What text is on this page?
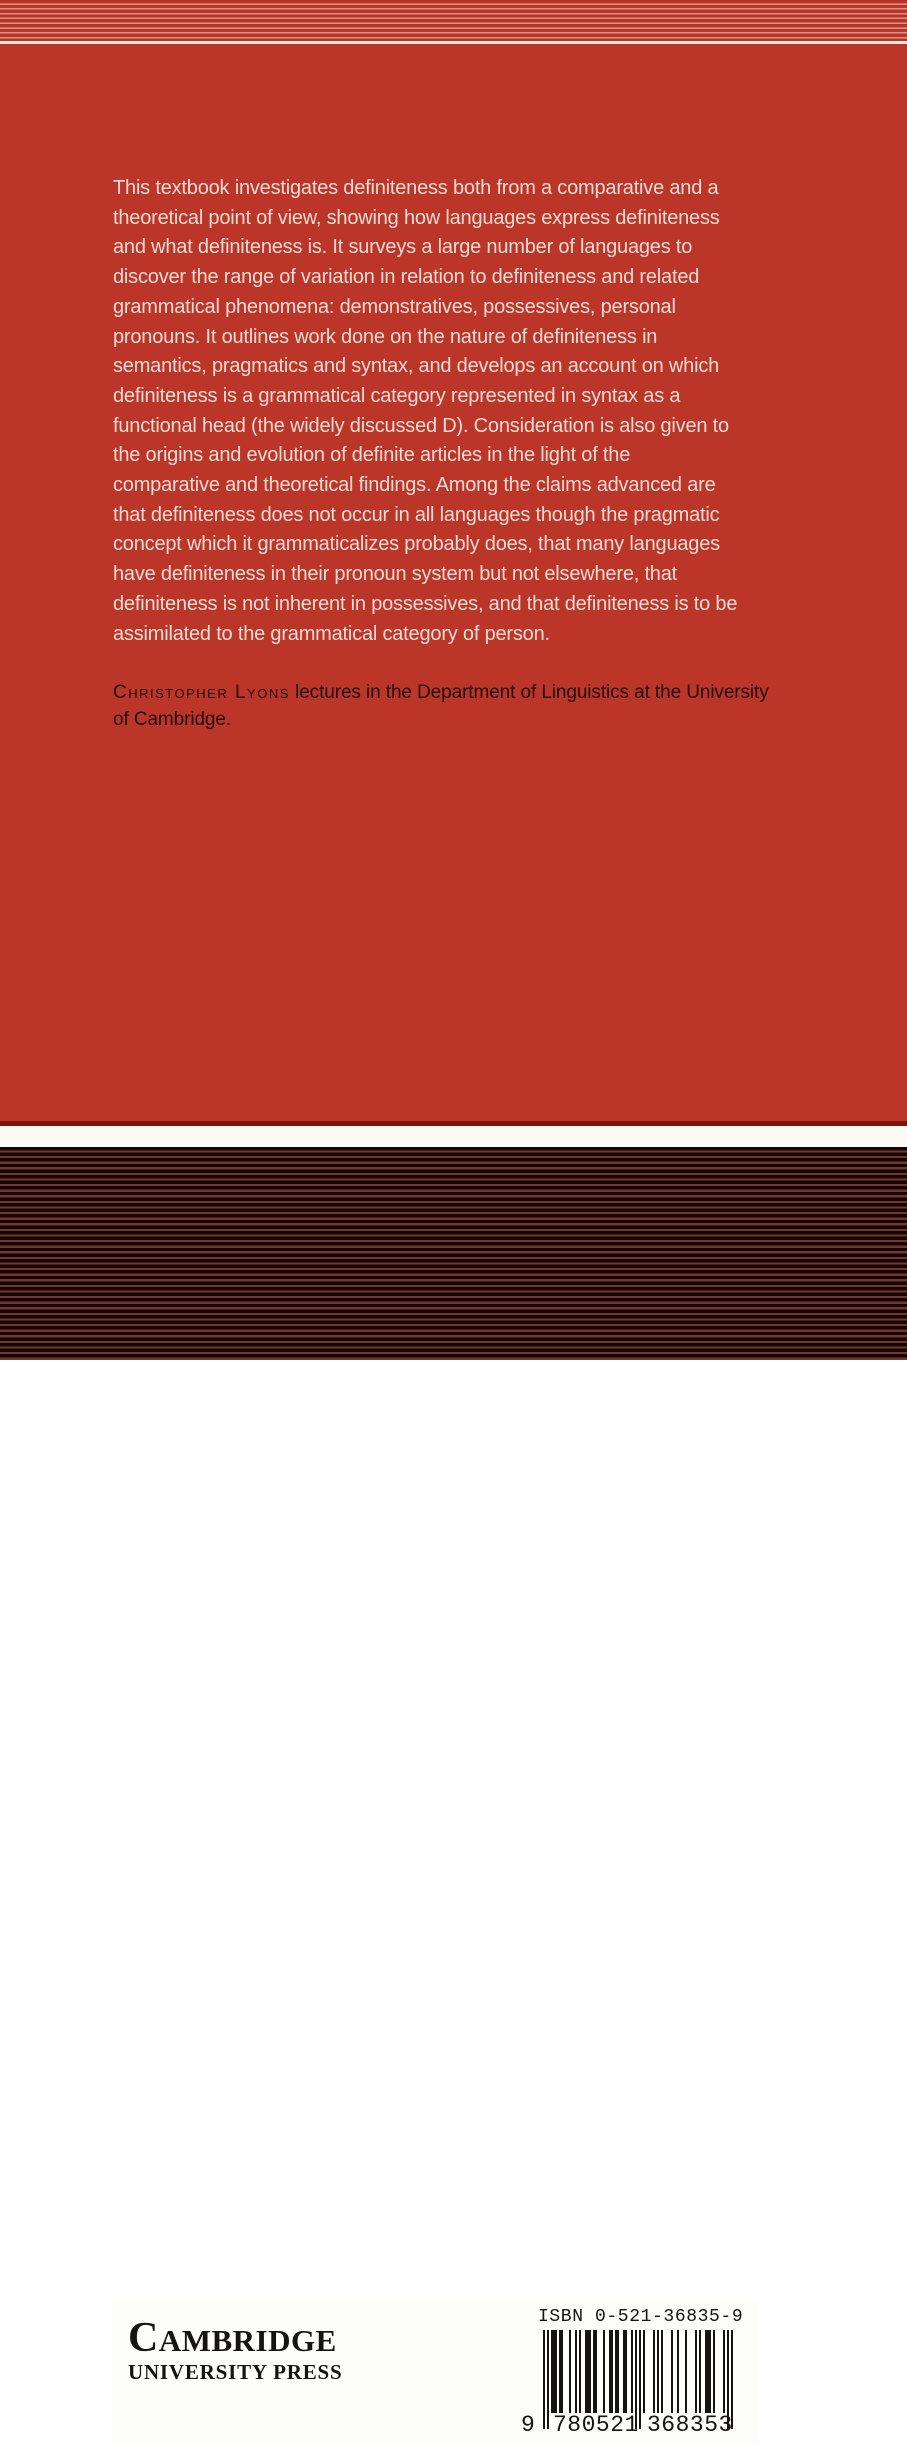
This textbook investigates definiteness both from a comparative and a
theoretical point of view, showing how languages express definiteness
and what definiteness is. It surveys a large number of languages to
discover the range of variation in relation to definiteness and related
grammatical phenomena: demonstratives, possessives, personal
pronouns. It outlines work done on the nature of definiteness in
semantics, pragmatics and syntax, and develops an account on which
definiteness is a grammatical category represented in syntax as a
functional head (the widely discussed D). Consideration is also given to
the origins and evolution of definite articles in the light of the
comparative and theoretical findings. Among the claims advanced are
that definiteness does not occur in all languages though the pragmatic
concept which it grammaticalizes probably does, that many languages
have definiteness in their pronoun system but not elsewhere, that
definiteness is not inherent in possessives, and that definiteness is to be
assimilated to the grammatical category of person.
Christopher Lyons lectures in the Department of Linguistics at the University
of Cambridge.
CAMBRIDGE
UNIVERSITY PRESS
ISBN 0-521-36835-9
9 780521 368353
